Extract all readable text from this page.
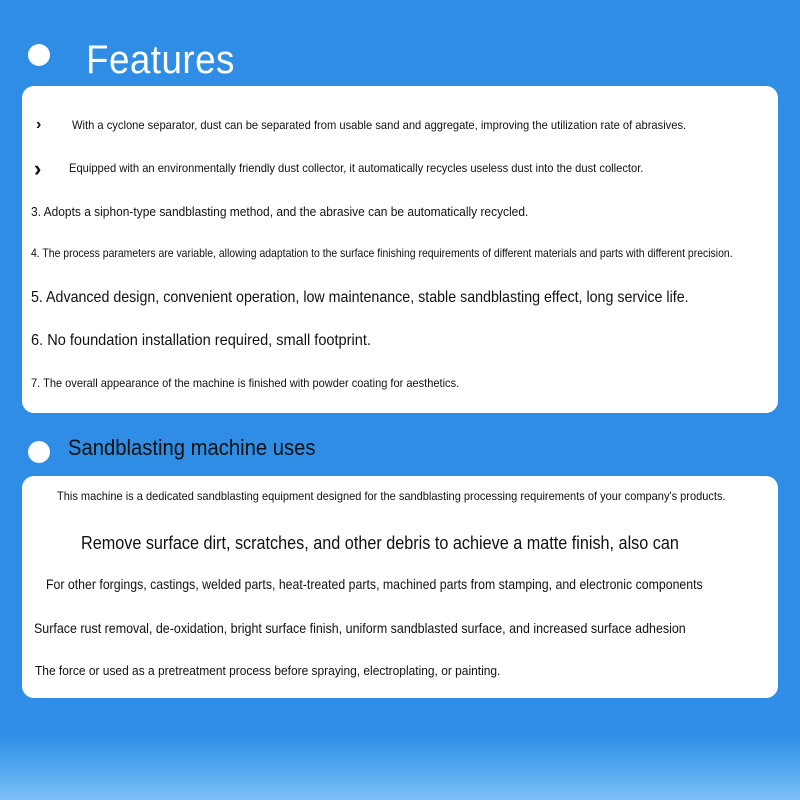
Features
›	With a cyclone separator, dust can be separated from usable sand and aggregate, improving the utilization rate of abrasives.
› Equipped with an environmentally friendly dust collector, it automatically recycles useless dust into the dust collector.
3. Adopts a siphon-type sandblasting method, and the abrasive can be automatically recycled.
4. The process parameters are variable, allowing adaptation to the surface finishing requirements of different materials and parts with different precision.
5. Advanced design, convenient operation, low maintenance, stable sandblasting effect, long service life.
6. No foundation installation required, small footprint.
7. The overall appearance of the machine is finished with powder coating for aesthetics.
Sandblasting machine uses
This machine is a dedicated sandblasting equipment designed for the sandblasting processing requirements of your company's products.
Remove surface dirt, scratches, and other debris to achieve a matte finish, also can
For other forgings, castings, welded parts, heat-treated parts, machined parts from stamping, and electronic components
Surface rust removal, de-oxidation, bright surface finish, uniform sandblasted surface, and increased surface adhesion
The force or used as a pretreatment process before spraying, electroplating, or painting.
